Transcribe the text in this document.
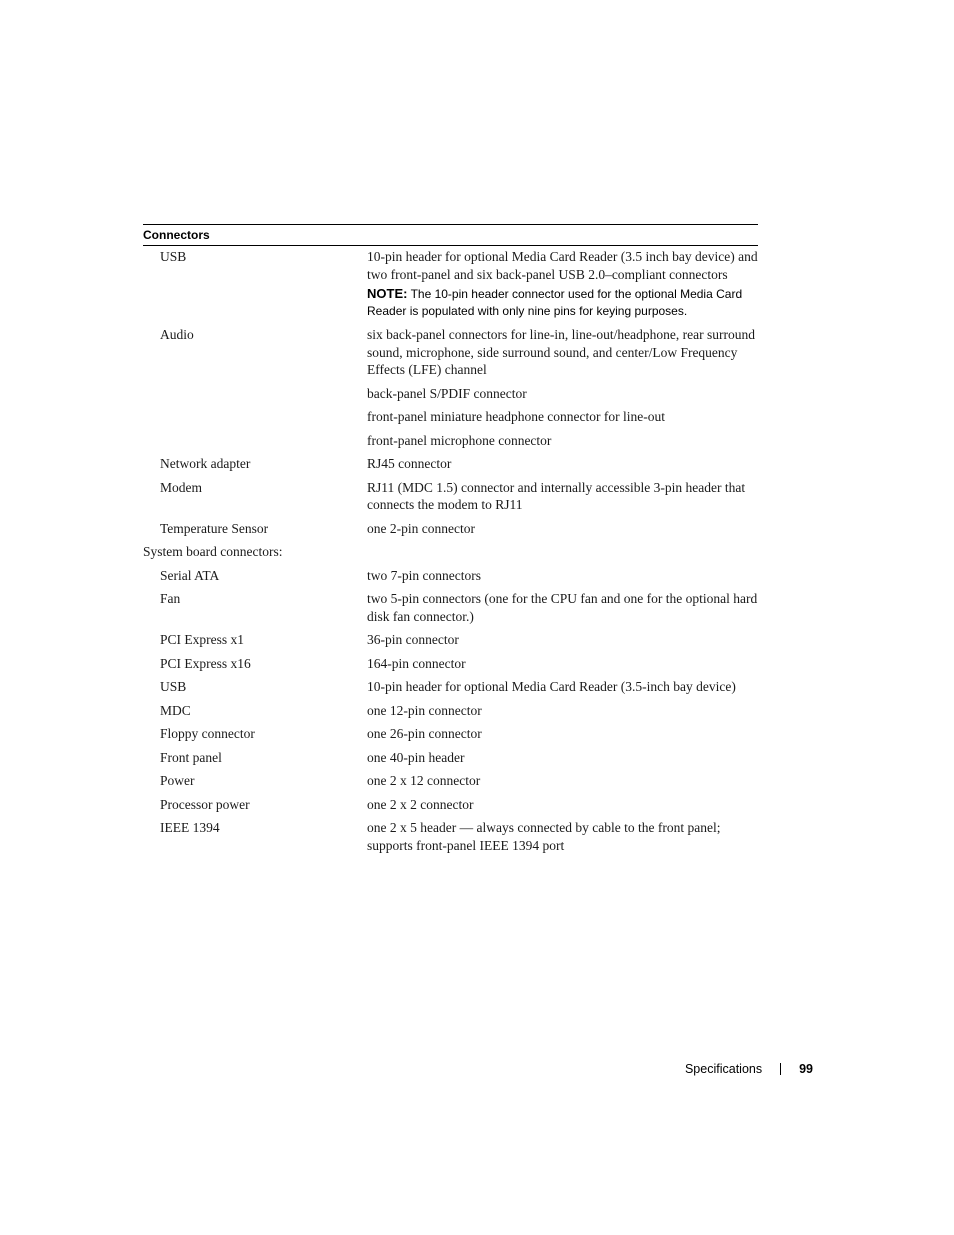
Connectors
USB	10-pin header for optional Media Card Reader (3.5 inch bay device) and two front-panel and six back-panel USB 2.0–compliant connectors
NOTE: The 10-pin header connector used for the optional Media Card Reader is populated with only nine pins for keying purposes.
Audio	six back-panel connectors for line-in, line-out/headphone, rear surround sound, microphone, side surround sound, and center/Low Frequency Effects (LFE) channel
back-panel S/PDIF connector
front-panel miniature headphone connector for line-out
front-panel microphone connector
Network adapter	RJ45 connector
Modem	RJ11 (MDC 1.5) connector and internally accessible 3-pin header that connects the modem to RJ11
Temperature Sensor	one 2-pin connector
System board connectors:
Serial ATA	two 7-pin connectors
Fan	two 5-pin connectors (one for the CPU fan and one for the optional hard disk fan connector.)
PCI Express x1	36-pin connector
PCI Express x16	164-pin connector
USB	10-pin header for optional Media Card Reader (3.5-inch bay device)
MDC	one 12-pin connector
Floppy connector	one 26-pin connector
Front panel	one 40-pin header
Power	one 2 x 12 connector
Processor power	one 2 x 2 connector
IEEE 1394	one 2 x 5 header — always connected by cable to the front panel; supports front-panel IEEE 1394 port
Specifications	99
